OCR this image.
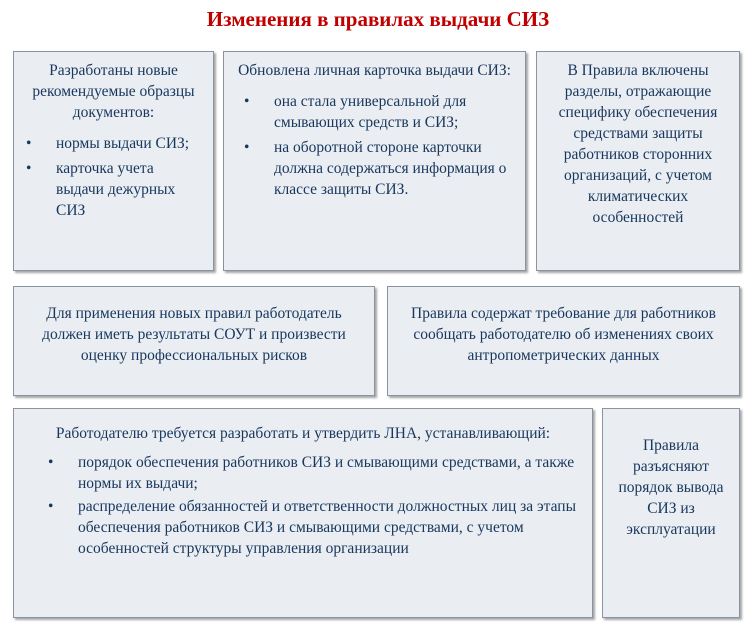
Изменения в правилах выдачи СИЗ
Разработаны новые рекомендуемые образцы документов:
• нормы выдачи СИЗ;
• карточка учета выдачи дежурных СИЗ
Обновлена личная карточка выдачи СИЗ:
• она стала универсальной для смывающих средств и СИЗ;
• на оборотной стороне карточки должна содержаться информация о классе защиты СИЗ.
В Правила включены разделы, отражающие специфику обеспечения средствами защиты работников сторонних организаций, с учетом климатических особенностей
Для применения новых правил работодатель должен иметь результаты СОУТ и произвести оценку профессиональных рисков
Правила содержат требование для работников сообщать работодателю об изменениях своих антропометрических данных
Работодателю требуется разработать и утвердить ЛНА, устанавливающий:
• порядок обеспечения работников СИЗ и смывающими средствами, а также нормы их выдачи;
• распределение обязанностей и ответственности должностных лиц за этапы обеспечения работников СИЗ и смывающими средствами, с учетом особенностей структуры управления организации
Правила разъясняют порядок вывода СИЗ из эксплуатации
